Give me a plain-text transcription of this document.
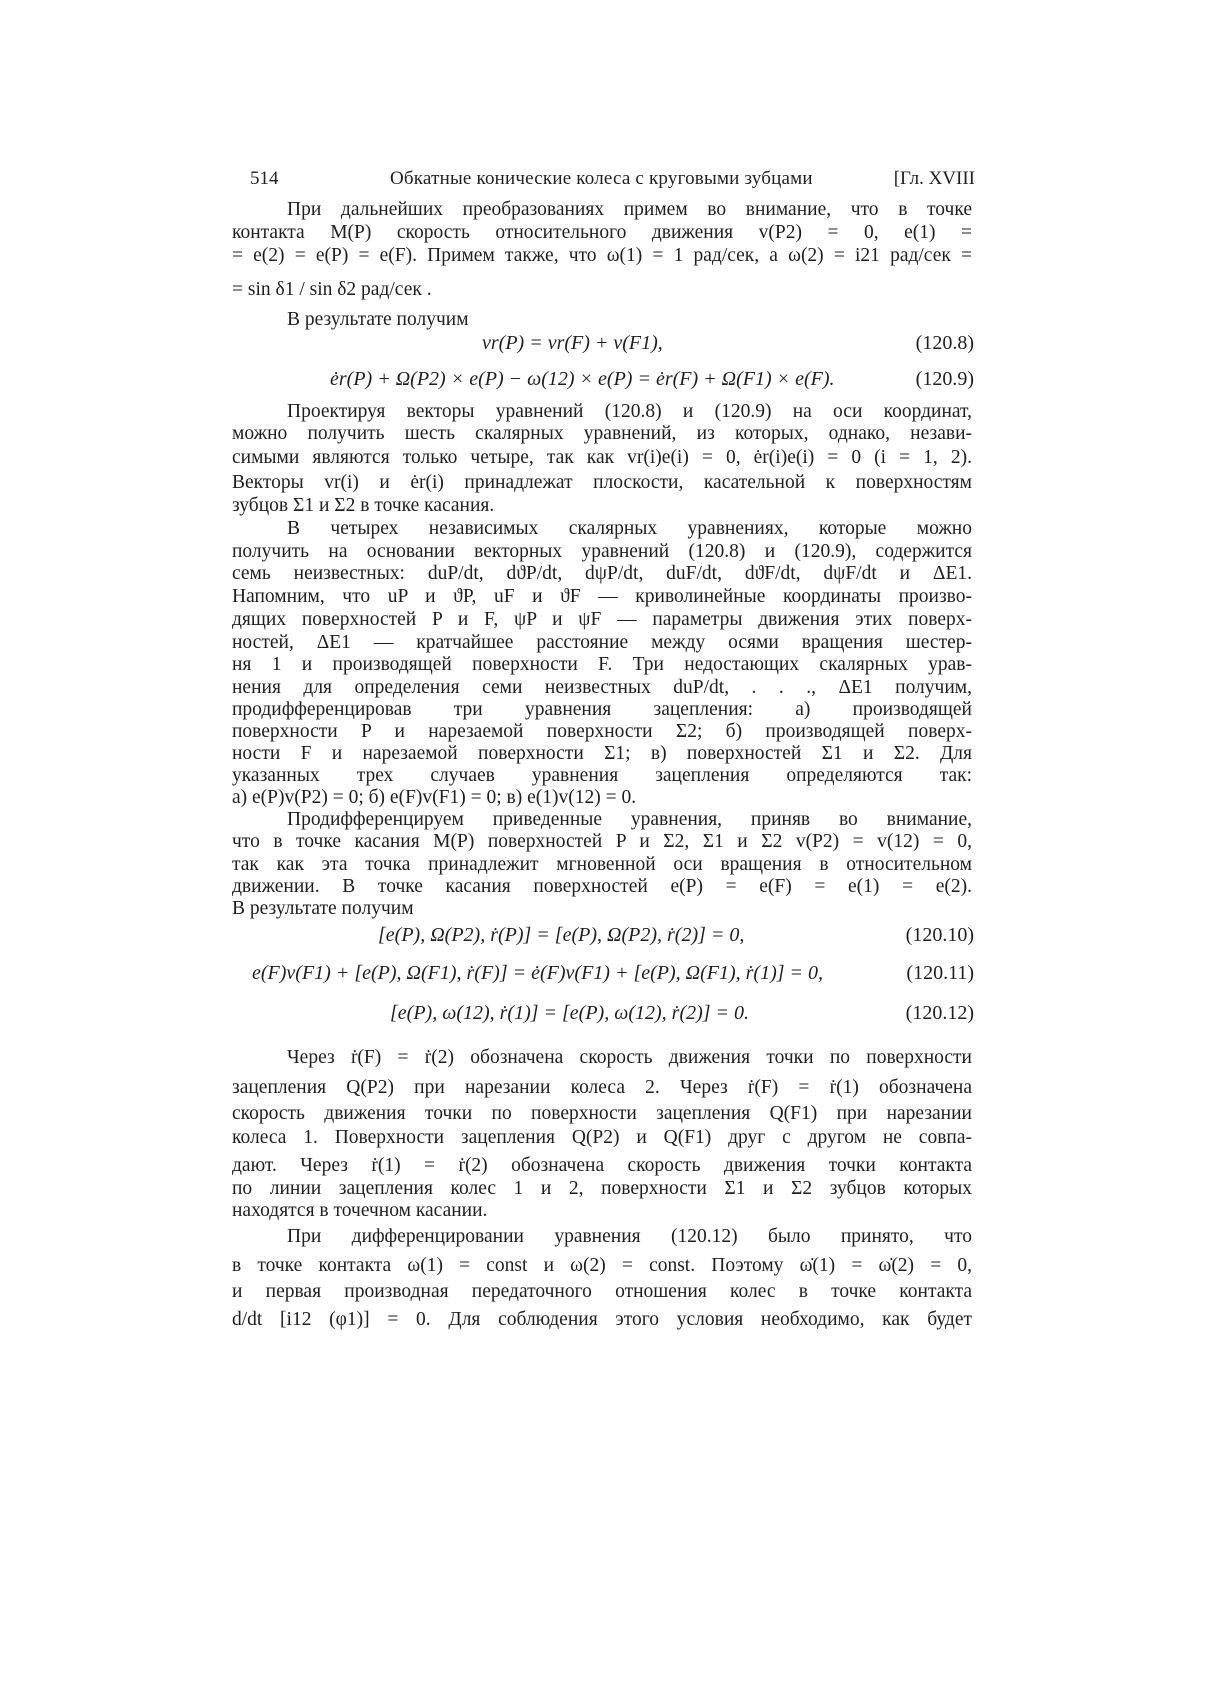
514	Обкатные конические колеса с круговыми зубцами	[Гл. XVIII
При дальнейших преобразованиях примем во внимание, что в точке
контакта M(P) скорость относительного движения v(P2) = 0, e(1) =
= e(2) = e(P) = e(F). Примем также, что ω(1) = 1 рад/сек, а ω(2) = i21 рад/сек =
= sin δ1 / sin δ2 рад/сек .
В результате получим
vr(P) = vr(F) + v(F1),	(120.8)
ėr(P) + Ω(P2) × e(P) − ω(12) × e(P) = ėr(F) + Ω(F1) × e(F).	(120.9)
Проектируя векторы уравнений (120.8) и (120.9) на оси координат,
можно получить шесть скалярных уравнений, из которых, однако, незави-
симыми являются только четыре, так как vr(i)e(i) = 0, ėr(i)e(i) = 0 (i = 1, 2).
Векторы vr(i) и ėr(i) принадлежат плоскости, касательной к поверхностям
зубцов Σ1 и Σ2 в точке касания.
В четырех независимых скалярных уравнениях, которые можно
получить на основании векторных уравнений (120.8) и (120.9), содержится
семь неизвестных: duP/dt, dϑP/dt, dψP/dt, duF/dt, dϑF/dt, dψF/dt и ΔE1.
Напомним, что uP и ϑP, uF и ϑF — криволинейные координаты произво-
дящих поверхностей P и F, ψP и ψF — параметры движения этих поверх-
ностей, ΔE1 — кратчайшее расстояние между осями вращения шестер-
ня 1 и производящей поверхности F. Три недостающих скалярных урав-
нения для определения семи неизвестных duP/dt, . . ., ΔE1 получим,
продифференцировав три уравнения зацепления: а) производящей
поверхности P и нарезаемой поверхности Σ2; б) производящей поверх-
ности F и нарезаемой поверхности Σ1; в) поверхностей Σ1 и Σ2. Для
указанных трех случаев уравнения зацепления определяются так:
а) e(P)v(P2) = 0; б) e(F)v(F1) = 0; в) e(1)v(12) = 0.
Продифференцируем приведенные уравнения, приняв во внимание,
что в точке касания M(P) поверхностей P и Σ2, Σ1 и Σ2 v(P2) = v(12) = 0,
так как эта точка принадлежит мгновенной оси вращения в относительном
движении. В точке касания поверхностей e(P) = e(F) = e(1) = e(2).
В результате получим
[e(P), Ω(P2), ṙ(P)] = [e(P), Ω(P2), ṙ(2)] = 0,	(120.10)
e(F)v(F1) + [e(P), Ω(F1), ṙ(F)] = ė(F)v(F1) + [e(P), Ω(F1), ṙ(1)] = 0,	(120.11)
[e(P), ω(12), ṙ(1)] = [e(P), ω(12), ṙ(2)] = 0.	(120.12)
Через ṙ(F) = ṙ(2) обозначена скорость движения точки по поверхности
зацепления Q(P2) при нарезании колеса 2. Через ṙ(F) = ṙ(1) обозначена
скорость движения точки по поверхности зацепления Q(F1) при нарезании
колеса 1. Поверхности зацепления Q(P2) и Q(F1) друг с другом не совпа-
дают. Через ṙ(1) = ṙ(2) обозначена скорость движения точки контакта
по линии зацепления колес 1 и 2, поверхности Σ1 и Σ2 зубцов которых
находятся в точечном касании.
При дифференцировании уравнения (120.12) было принято, что
в точке контакта ω(1) = const и ω(2) = const. Поэтому ω̇(1) = ω̇(2) = 0,
и первая производная передаточного отношения колес в точке контакта
d/dt [i12 (φ1)] = 0. Для соблюдения этого условия необходимо, как будет
